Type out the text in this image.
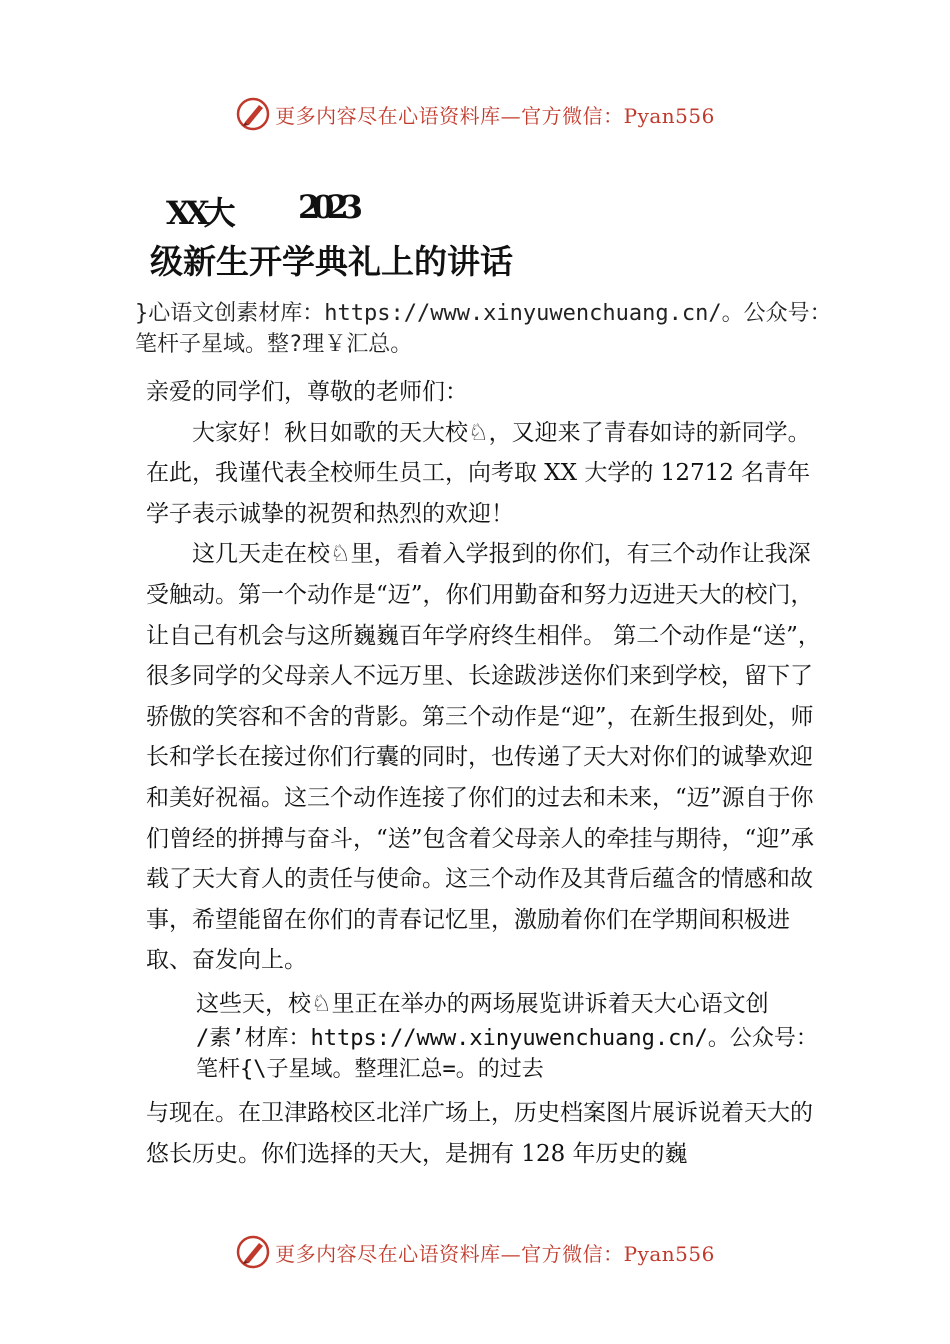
更多内容尽在心语资料库—官方微信：Pyan556
XX大 2023
级新生开学典礼上的讲话
}心语文创素材库：https://www.xinyuwenchuang.cn/。公众号：
笔杆子星域。整?理￥汇总。

亲爱的同学们，尊敬的老师们：

大家好！秋日如歌的天大校♘，又迎来了青春如诗的新同学。在此，我谨代表全校师生员工，向考取 XX 大学的 12712 名青年学子表示诚挚的祝贺和热烈的欢迎！

这几天走在校♘里，看着入学报到的你们，有三个动作让我深受触动。第一个动作是“迈”，你们用勤奋和努力迈进天大的校门，让自己有机会与这所巍巍百年学府终生相伴。 第二个动作是“送”，很多同学的父母亲人不远万里、长途跋涉送你们来到学校，留下了骄傲的笑容和不舍的背影。第三个动作是“迎”，在新生报到处，师长和学长在接过你们行囊的同时，也传递了天大对你们的诚挚欢迎和美好祝福。这三个动作连接了你们的过去和未来，“迈”源自于你们曾经的拼搏与奋斗，“送”包含着父母亲人的牵挂与期待，“迎”承载了天大育人的责任与使命。这三个动作及其背后蕴含的情感和故事，希望能留在你们的青春记忆里，激励着你们在学期间积极进取、奋发向上。

这些天，校♘里正在举办的两场展览讲诉着天大心语文创
/素’材库：https://www.xinyuwenchuang.cn/。公众号：
笔杆{\子星域。整理汇总=。的过去

与现在。在卫津路校区北洋广场上，历史档案图片展诉说着天大的悠长历史。你们选择的天大，是拥有 128 年历史的巍

更多内容尽在心语资料库—官方微信：Pyan556
